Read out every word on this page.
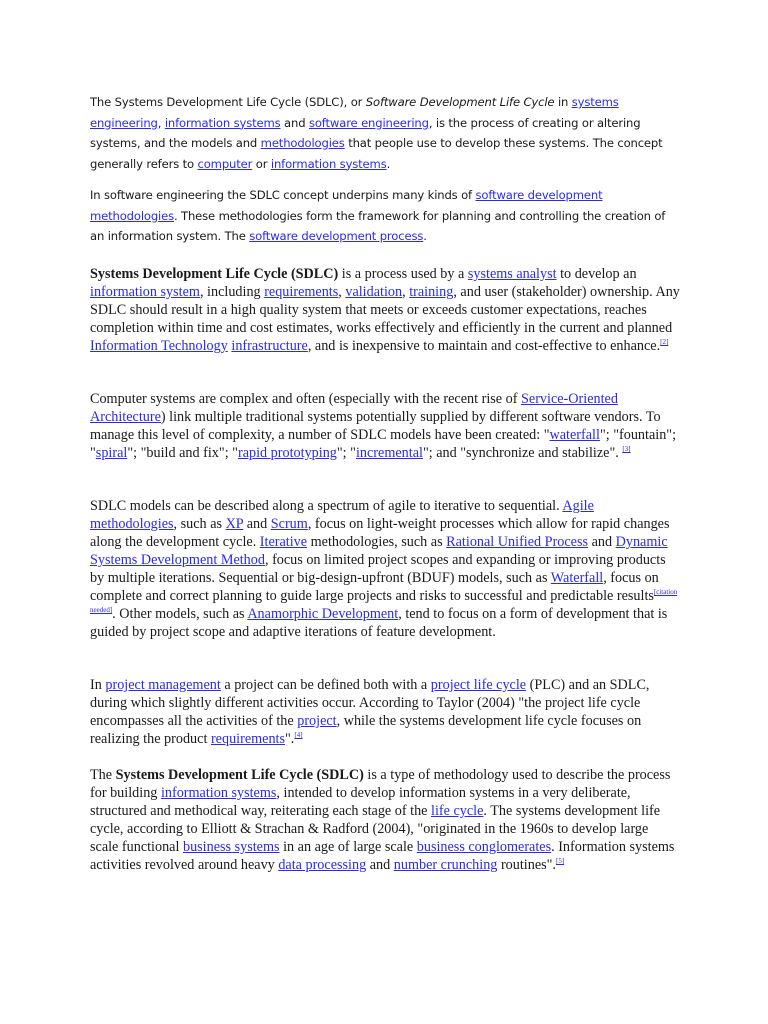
The Systems Development Life Cycle (SDLC), or Software Development Life Cycle in systems engineering, information systems and software engineering, is the process of creating or altering systems, and the models and methodologies that people use to develop these systems. The concept generally refers to computer or information systems.

In software engineering the SDLC concept underpins many kinds of software development methodologies. These methodologies form the framework for planning and controlling the creation of an information system. The software development process.

Systems Development Life Cycle (SDLC) is a process used by a systems analyst to develop an information system, including requirements, validation, training, and user (stakeholder) ownership. Any SDLC should result in a high quality system that meets or exceeds customer expectations, reaches completion within time and cost estimates, works effectively and efficiently in the current and planned Information Technology infrastructure, and is inexpensive to maintain and cost-effective to enhance.[2]

Computer systems are complex and often (especially with the recent rise of Service-Oriented Architecture) link multiple traditional systems potentially supplied by different software vendors. To manage this level of complexity, a number of SDLC models have been created: "waterfall"; "fountain"; "spiral"; "build and fix"; "rapid prototyping"; "incremental"; and "synchronize and stabilize". [3]

SDLC models can be described along a spectrum of agile to iterative to sequential. Agile methodologies, such as XP and Scrum, focus on light-weight processes which allow for rapid changes along the development cycle. Iterative methodologies, such as Rational Unified Process and Dynamic Systems Development Method, focus on limited project scopes and expanding or improving products by multiple iterations. Sequential or big-design-upfront (BDUF) models, such as Waterfall, focus on complete and correct planning to guide large projects and risks to successful and predictable results[citation needed]. Other models, such as Anamorphic Development, tend to focus on a form of development that is guided by project scope and adaptive iterations of feature development.

In project management a project can be defined both with a project life cycle (PLC) and an SDLC, during which slightly different activities occur. According to Taylor (2004) "the project life cycle encompasses all the activities of the project, while the systems development life cycle focuses on realizing the product requirements".[4]

The Systems Development Life Cycle (SDLC) is a type of methodology used to describe the process for building information systems, intended to develop information systems in a very deliberate, structured and methodical way, reiterating each stage of the life cycle. The systems development life cycle, according to Elliott & Strachan & Radford (2004), "originated in the 1960s to develop large scale functional business systems in an age of large scale business conglomerates. Information systems activities revolved around heavy data processing and number crunching routines".[5]
